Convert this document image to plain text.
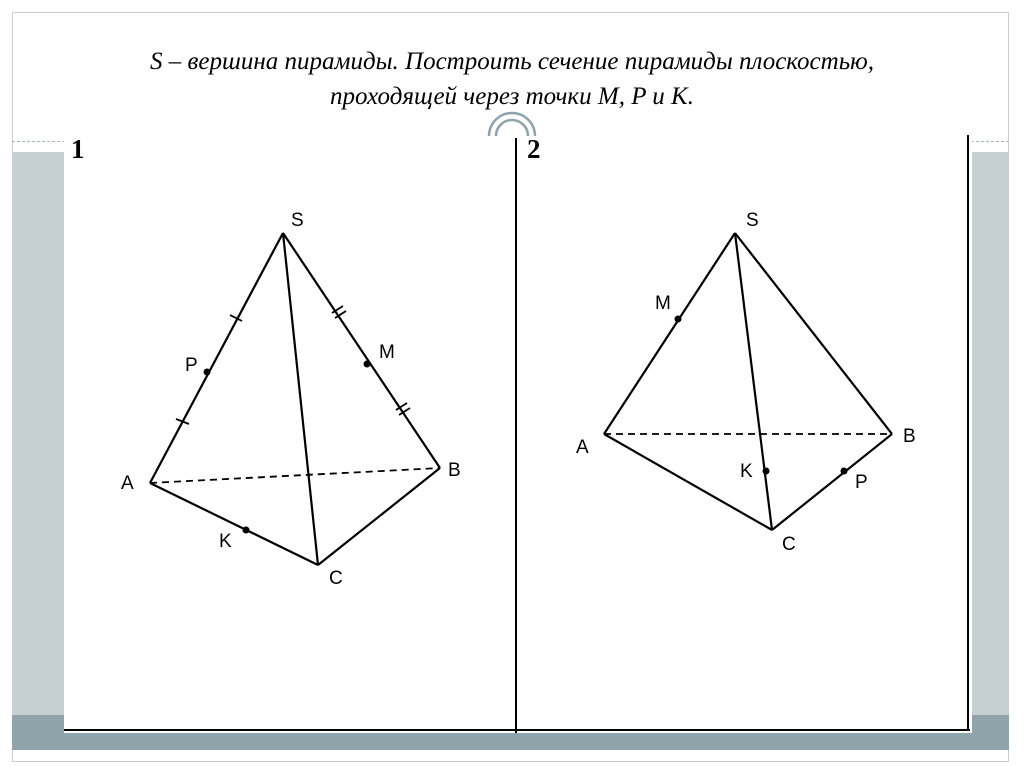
S – вершина пирамиды. Построить сечение пирамиды плоскостью,
проходящей через точки M, P и K.
1	2
S
P
M
A
B
K
C
S
M
A
B
K
P
C
